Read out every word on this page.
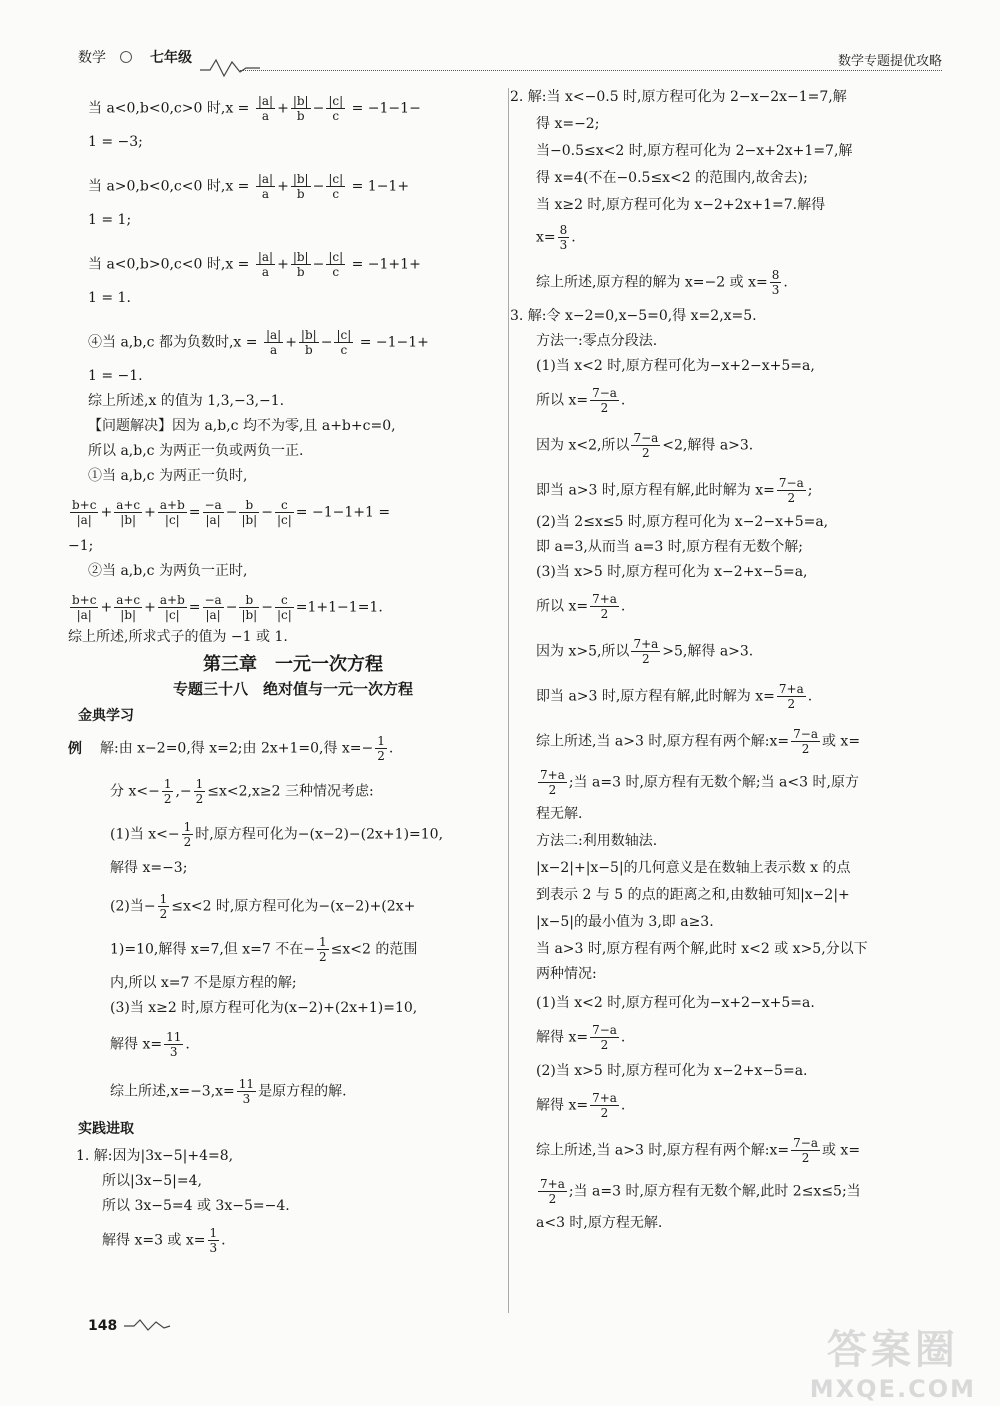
数学	七年级	数学专题提优攻略

当 a<0,b<0,c>0 时$,x = \frac{|a|}{a} + \frac{|b|}{b} - \frac{|c|}{c} = -1-1-$

1 = −3;

当 a>0,b<0,c<0 时$,x = \frac{|a|}{a} + \frac{|b|}{b} - \frac{|c|}{c} = 1-1+$

1 = 1;

当 a<0,b>0,c<0 时$,x = \frac{|a|}{a} + \frac{|b|}{b} - \frac{|c|}{c} = -1+1+$

1 = 1.

④当 a,b,c 都为负数时$,x = \frac{|a|}{a} + \frac{|b|}{b} - \frac{|c|}{c} = -1-1+$

1 = −1.

综上所述,x 的值为 1,3,−3,−1.

【问题解决】因为 a,b,c 均不为零,且 a+b+c=0,

所以 a,b,c 为两正一负或两负一正.

①当 a,b,c 为两正一负时,

$\frac{b+c}{|a|} + \frac{a+c}{|b|} + \frac{a+b}{|c|} = \frac{-a}{|a|} - \frac{b}{|b|} - \frac{c}{|c|} = -1-1+1$ =

−1;

②当 a,b,c 为两负一正时,

$\frac{b+c}{|a|} + \frac{a+c}{|b|} + \frac{a+b}{|c|} = \frac{-a}{|a|} - \frac{b}{|b|} - \frac{c}{|c|} =1+1-1=1$.

综上所述,所求式子的值为 −1 或 1.

第三章　一元一次方程
专题三十八　绝对值与一元一次方程
金典学习

例 解:由 x−2=0,得 x=2;由 2x+1=0,得 $x=- \frac{1}{2}$ .

分 $x<- \frac{1}{2}$ ,− $\frac{1}{2} \le x<2,x\ge 2$ 三种情况考虑:

(1)当 $x<- \frac{1}{2}$ 时,原方程可化为−(x−2)−(2x+1)=10,

解得 x=−3;

(2)当− $\frac{1}{2} \le x<2$ 时,原方程可化为−(x−2)+(2x+

1)=10,解得 x=7,但 x=7 不在− $\frac{1}{2} \le x<2$ 的范围

内,所以 x=7 不是原方程的解;

(3)当 x≥2 时,原方程可化为(x−2)+(2x+1)=10,

解得 $x= \frac{11}{3}$ .

综上所述$,x=-3,x= \frac{11}{3}$ 是原方程的解.

实践进取

1. 解:因为|3x−5|+4=8,

所以|3x−5|=4,

所以 3x−5=4 或 3x−5=−4.

解得 x=3 或 $x= \frac{1}{3}$ .

2. 解:当 x<−0.5 时,原方程可化为 2−x−2x−1=7,解

得 x=−2;

当−0.5≤x<2 时,原方程可化为 2−x+2x+1=7,解

得 x=4(不在−0.5≤x<2 的范围内,故舍去);

当 x≥2 时,原方程可化为 x−2+2x+1=7.解得

$x= \frac{8}{3}$ .

综上所述,原方程的解为 x=−2 或 $x= \frac{8}{3}$ .

3. 解:令 x−2=0,x−5=0,得 x=2,x=5.

方法一:零点分段法.

(1)当 x<2 时,原方程可化为−x+2−x+5=a,

所以 $x= \frac{7-a}{2}$ .

因为 x<2,所以 $\frac{7-a}{2} <2$,解得 a>3.

即当 a>3 时,原方程有解,此时解为 $x= \frac{7-a}{2}$ ;

(2)当 2≤x≤5 时,原方程可化为 x−2−x+5=a,

即 a=3,从而当 a=3 时,原方程有无数个解;

(3)当 x>5 时,原方程可化为 x−2+x−5=a,

所以 $x= \frac{7+a}{2}$ .

因为 x>5,所以 $\frac{7+a}{2} >5$,解得 a>3.

即当 a>3 时,原方程有解,此时解为 $x= \frac{7+a}{2}$ .

综上所述,当 a>3 时,原方程有两个解:x= $\frac{7-a}{2}$ 或 x=

$\frac{7+a}{2}$ ;当 a=3 时,原方程有无数个解;当 a<3 时,原方

程无解.

方法二:利用数轴法.

|x−2|+|x−5|的几何意义是在数轴上表示数 x 的点

到表示 2 与 5 的点的距离之和,由数轴可知|x−2|+

|x−5|的最小值为 3,即 a≥3.

当 a>3 时,原方程有两个解,此时 x<2 或 x>5,分以下

两种情况:

(1)当 x<2 时,原方程可化为−x+2−x+5=a.

解得 $x= \frac{7-a}{2}$ .

(2)当 x>5 时,原方程可化为 x−2+x−5=a.

解得 $x= \frac{7+a}{2}$ .

综上所述,当 a>3 时,原方程有两个解:x= $\frac{7-a}{2}$ 或 x=

$\frac{7+a}{2}$ ;当 a=3 时,原方程有无数个解,此时 2≤x≤5;当

a<3 时,原方程无解.

148
答案圈
MXQE.COM
